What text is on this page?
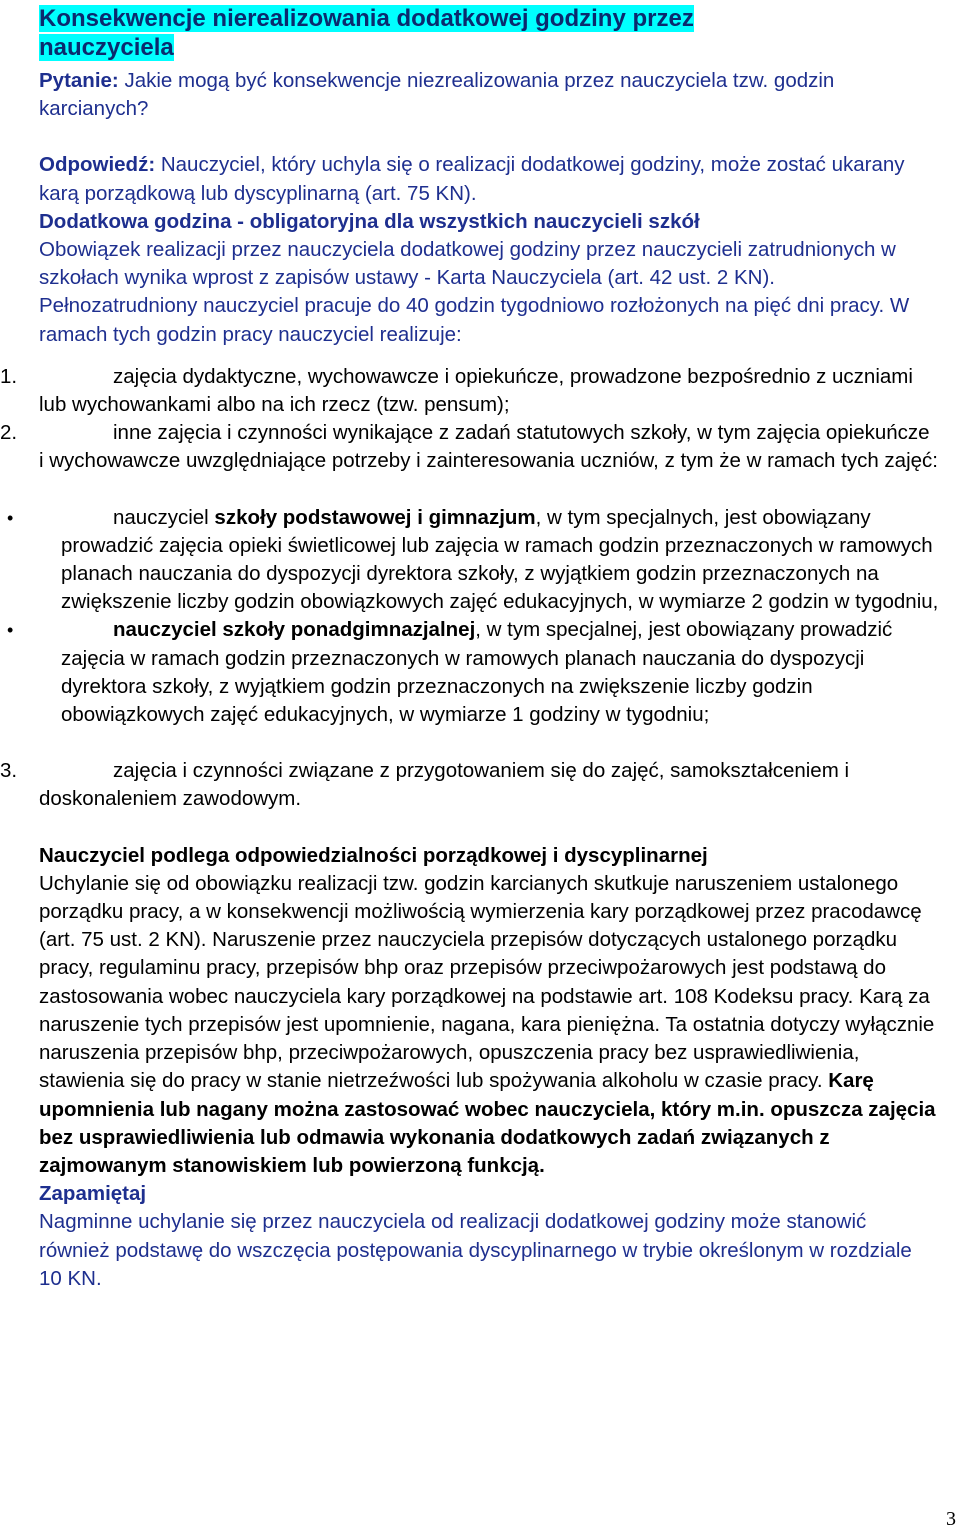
Konsekwencje nierealizowania dodatkowej godziny przez
nauczyciela

Pytanie: Jakie mogą być konsekwencje niezrealizowania przez nauczyciela tzw. godzin karcianych?

Odpowiedź: Nauczyciel, który uchyla się o realizacji dodatkowej godziny, może zostać ukarany karą porządkową lub dyscyplinarną (art. 75 KN).

Dodatkowa godzina - obligatoryjna dla wszystkich nauczycieli szkół
Obowiązek realizacji przez nauczyciela dodatkowej godziny przez nauczycieli zatrudnionych w szkołach wynika wprost z zapisów ustawy - Karta Nauczyciela (art. 42 ust. 2 KN). Pełnozatrudniony nauczyciel pracuje do 40 godzin tygodniowo rozłożonych na pięć dni pracy. W ramach tych godzin pracy nauczyciel realizuje:

1.	zajęcia dydaktyczne, wychowawcze i opiekuńcze, prowadzone bezpośrednio z uczniami lub wychowankami albo na ich rzecz (tzw. pensum);
2.	inne zajęcia i czynności wynikające z zadań statutowych szkoły, w tym zajęcia opiekuńcze i wychowawcze uwzględniające potrzeby i zainteresowania uczniów, z tym że w ramach tych zajęć:
•	nauczyciel szkoły podstawowej i gimnazjum, w tym specjalnych, jest obowiązany prowadzić zajęcia opieki świetlicowej lub zajęcia w ramach godzin przeznaczonych w ramowych planach nauczania do dyspozycji dyrektora szkoły, z wyjątkiem godzin przeznaczonych na zwiększenie liczby godzin obowiązkowych zajęć edukacyjnych, w wymiarze 2 godzin w tygodniu,
•	nauczyciel szkoły ponadgimnazjalnej, w tym specjalnej, jest obowiązany prowadzić zajęcia w ramach godzin przeznaczonych w ramowych planach nauczania do dyspozycji dyrektora szkoły, z wyjątkiem godzin przeznaczonych na zwiększenie liczby godzin obowiązkowych zajęć edukacyjnych, w wymiarze 1 godziny w tygodniu;
3.	zajęcia i czynności związane z przygotowaniem się do zajęć, samokształceniem i doskonaleniem zawodowym.

Nauczyciel podlega odpowiedzialności porządkowej i dyscyplinarnej
Uchylanie się od obowiązku realizacji tzw. godzin karcianych skutkuje naruszeniem ustalonego porządku pracy, a w konsekwencji możliwością wymierzenia kary porządkowej przez pracodawcę (art. 75 ust. 2 KN). Naruszenie przez nauczyciela przepisów dotyczących ustalonego porządku pracy, regulaminu pracy, przepisów bhp oraz przepisów przeciwpożarowych jest podstawą do zastosowania wobec nauczyciela kary porządkowej na podstawie art. 108 Kodeksu pracy. Karą za naruszenie tych przepisów jest upomnienie, nagana, kara pieniężna. Ta ostatnia dotyczy wyłącznie naruszenia przepisów bhp, przeciwpożarowych, opuszczenia pracy bez usprawiedliwienia, stawienia się do pracy w stanie nietrzeźwości lub spożywania alkoholu w czasie pracy. Karę upomnienia lub nagany można zastosować wobec nauczyciela, który m.in. opuszcza zajęcia bez usprawiedliwienia lub odmawia wykonania dodatkowych zadań związanych z zajmowanym stanowiskiem lub powierzoną funkcją.

Zapamiętaj
Nagminne uchylanie się przez nauczyciela od realizacji dodatkowej godziny może stanowić również podstawę do wszczęcia postępowania dyscyplinarnego w trybie określonym w rozdziale 10 KN.

3
